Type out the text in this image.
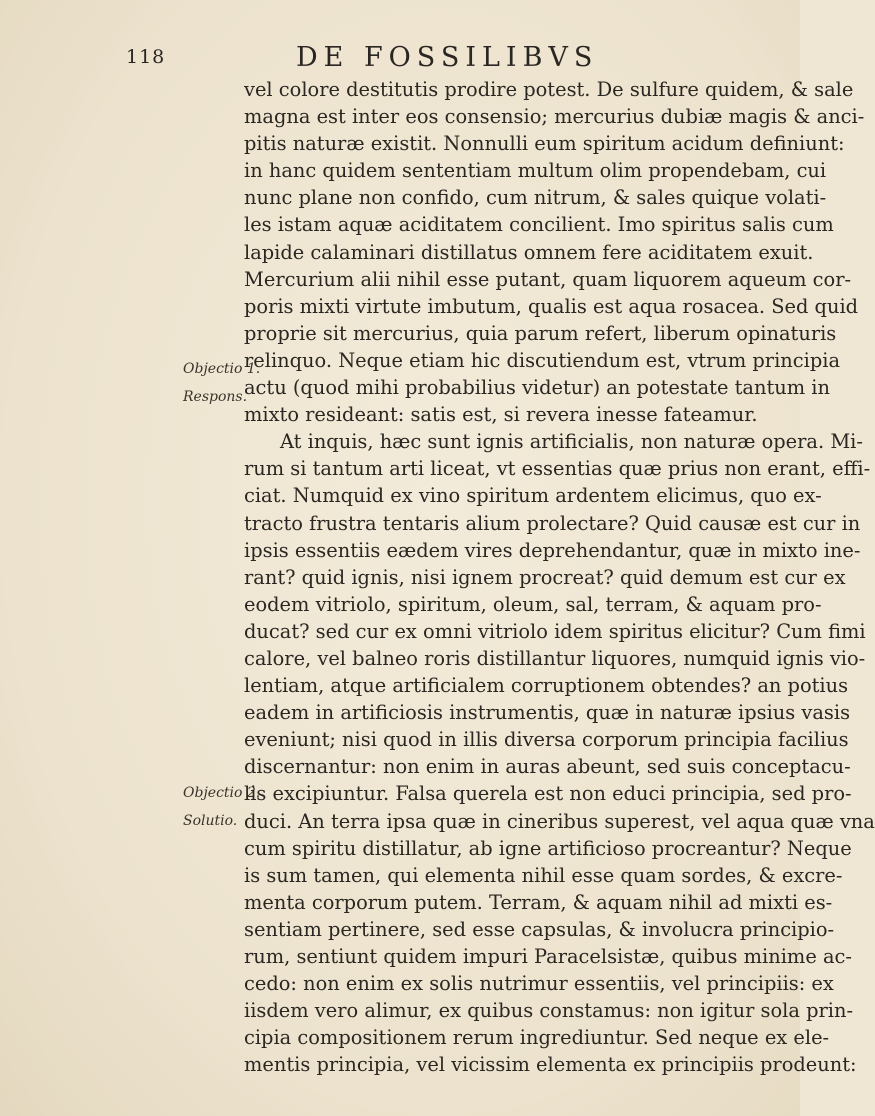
118	DE FOSSILIBVS
Objectio 1.
Respons.
Objectio 2.
Solutio.
vel colore destitutis prodire potest. De sulfure quidem, & sale
magna est inter eos consensio; mercurius dubiæ magis & anci-
pitis naturæ existit. Nonnulli eum spiritum acidum definiunt:
in hanc quidem sententiam multum olim propendebam, cui
nunc plane non confido, cum nitrum, & sales quique volati-
les istam aquæ aciditatem concilient. Imo spiritus salis cum
lapide calaminari distillatus omnem fere aciditatem exuit.
Mercurium alii nihil esse putant, quam liquorem aqueum cor-
poris mixti virtute imbutum, qualis est aqua rosacea. Sed quid
proprie sit mercurius, quia parum refert, liberum opinaturis
relinquo. Neque etiam hic discutiendum est, vtrum principia
actu (quod mihi probabilius videtur) an potestate tantum in
mixto resideant: satis est, si revera inesse fateamur.
At inquis, hæc sunt ignis artificialis, non naturæ opera. Mi-
rum si tantum arti liceat, vt essentias quæ prius non erant, effi-
ciat. Numquid ex vino spiritum ardentem elicimus, quo ex-
tracto frustra tentaris alium prolectare? Quid causæ est cur in
ipsis essentiis eædem vires deprehendantur, quæ in mixto ine-
rant? quid ignis, nisi ignem procreat? quid demum est cur ex
eodem vitriolo, spiritum, oleum, sal, terram, & aquam pro-
ducat? sed cur ex omni vitriolo idem spiritus elicitur? Cum fimi
calore, vel balneo roris distillantur liquores, numquid ignis vio-
lentiam, atque artificialem corruptionem obtendes? an potius
eadem in artificiosis instrumentis, quæ in naturæ ipsius vasis
eveniunt; nisi quod in illis diversa corporum principia facilius
discernantur: non enim in auras abeunt, sed suis conceptacu-
lis excipiuntur. Falsa querela est non educi principia, sed pro-
duci. An terra ipsa quæ in cineribus superest, vel aqua quæ vna
cum spiritu distillatur, ab igne artificioso procreantur? Neque
is sum tamen, qui elementa nihil esse quam sordes, & excre-
menta corporum putem. Terram, & aquam nihil ad mixti es-
sentiam pertinere, sed esse capsulas, & involucra principio-
rum, sentiunt quidem impuri Paracelsistæ, quibus minime ac-
cedo: non enim ex solis nutrimur essentiis, vel principiis: ex
iisdem vero alimur, ex quibus constamus: non igitur sola prin-
cipia compositionem rerum ingrediuntur. Sed neque ex ele-
mentis principia, vel vicissim elementa ex principiis prodeunt:
